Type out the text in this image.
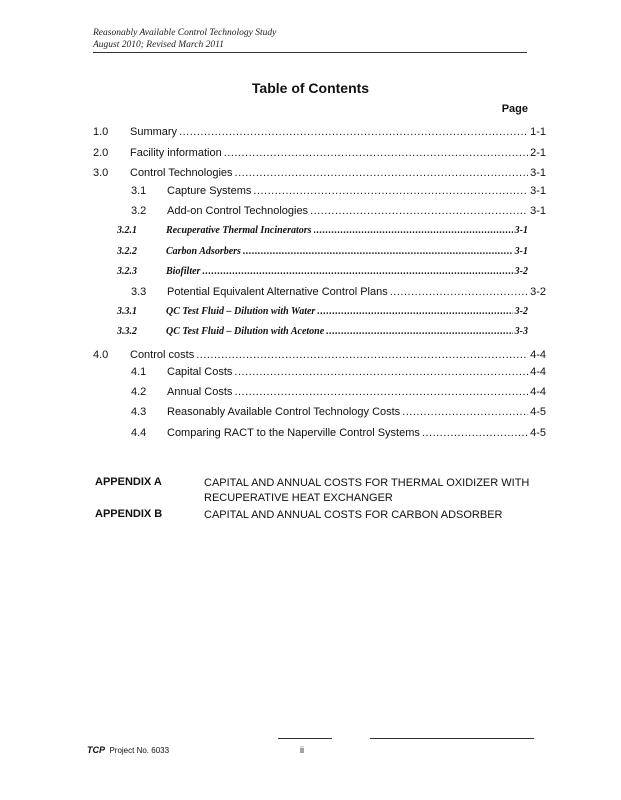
Reasonably Available Control Technology Study
August 2010; Revised March 2011
Table of Contents
Page
1.0	Summary .....	1-1
2.0	Facility information .....	2-1
3.0	Control Technologies .....	3-1
3.1	Capture Systems .....	3-1
3.2	Add-on Control Technologies .....	3-1
3.2.1	Recuperative Thermal Incinerators .....	3-1
3.2.2	Carbon Adsorbers .....	3-1
3.2.3	Biofilter .....	3-2
3.3	Potential Equivalent Alternative Control Plans .....	3-2
3.3.1	QC Test Fluid – Dilution with Water .....	3-2
3.3.2	QC Test Fluid – Dilution with Acetone .....	3-3
4.0	Control costs .....	4-4
4.1	Capital Costs .....	4-4
4.2	Annual Costs .....	4-4
4.3	Reasonably Available Control Technology Costs .....	4-5
4.4	Comparing RACT to the Naperville Control Systems .....	4-5
APPENDIX A	CAPITAL AND ANNUAL COSTS FOR THERMAL OXIDIZER WITH RECUPERATIVE HEAT EXCHANGER
APPENDIX B	CAPITAL AND ANNUAL COSTS FOR CARBON ADSORBER
TCP Project No. 6033	ii
